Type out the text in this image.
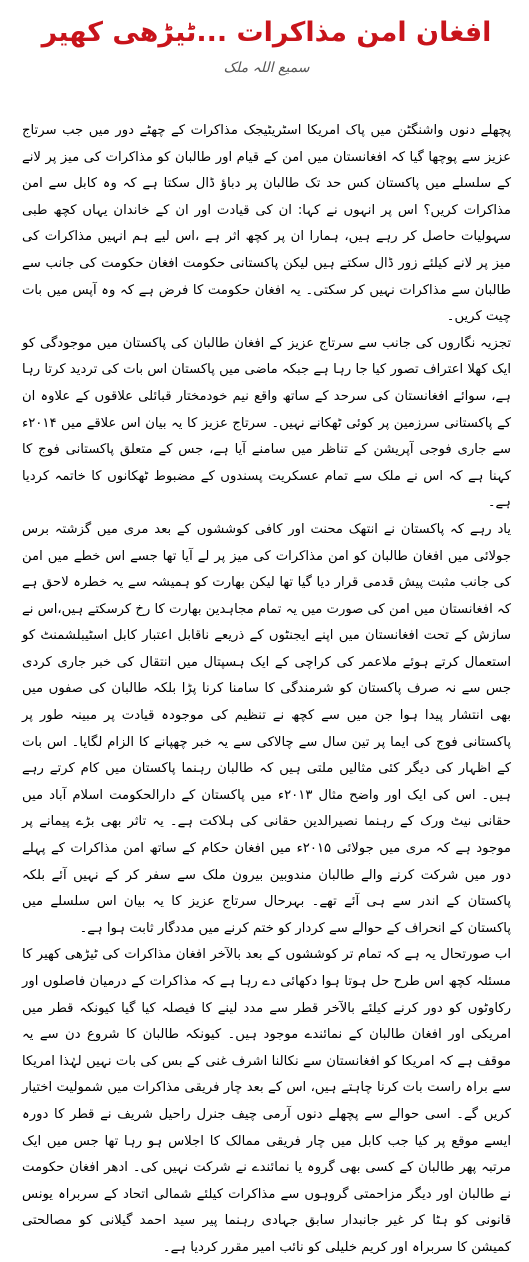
افغان امن مذاکرات ...ٹیڑھی کھیر
سمیع اللہ ملک

پچھلے دنوں واشنگٹن میں پاک امریکا اسٹریٹیجک مذاکرات کے چھٹے دور میں جب سرتاج عزیز سے پوچھا گیا کہ افغانستان میں امن کے قیام اور طالبان کو مذاکرات کی میز پر لانے کے سلسلے میں پاکستان کس حد تک طالبان پر دباؤ ڈال سکتا ہے کہ وہ کابل سے امن مذاکرات کریں؟ اس پر انہوں نے کہا: ان کی قیادت اور ان کے خاندان یہاں کچھ طبی سہولیات حاصل کر رہے ہیں، ہمارا ان پر کچھ اثر ہے ،اس لیے ہم انہیں مذاکرات کی میز پر لانے کیلئے زور ڈال سکتے ہیں لیکن پاکستانی حکومت افغان حکومت کی جانب سے طالبان سے مذاکرات نہیں کر سکتی۔ یہ افغان حکومت کا فرض ہے کہ وہ آپس میں بات چیت کریں۔

تجزیہ نگاروں کی جانب سے سرتاج عزیز کے افغان طالبان کی پاکستان میں موجودگی کو ایک کھلا اعتراف تصور کیا جا رہا ہے جبکہ ماضی میں پاکستان اس بات کی تردید کرتا رہا ہے، سوائے افغانستان کی سرحد کے ساتھ واقع نیم خودمختار قبائلی علاقوں کے علاوہ ان کے پاکستانی سرزمین پر کوئی ٹھکانے نہیں۔ سرتاج عزیز کا یہ بیان اس علاقے میں ۲۰۱۴ء سے جاری فوجی آپریشن کے تناظر میں سامنے آیا ہے، جس کے متعلق پاکستانی فوج کا کہنا ہے کہ اس نے ملک سے تمام عسکریت پسندوں کے مضبوط ٹھکانوں کا خاتمہ کردیا ہے۔

یاد رہے کہ پاکستان نے انتھک محنت اور کافی کوششوں کے بعد مری میں گزشتہ برس جولائی میں افغان طالبان کو امن مذاکرات کی میز پر لے آیا تھا جسے اس خطے میں امن کی جانب مثبت پیش قدمی قرار دیا گیا تھا لیکن بھارت کو ہمیشہ سے یہ خطرہ لاحق ہے کہ افغانستان میں امن کی صورت میں یہ تمام مجاہدین بھارت کا رخ کرسکتے ہیں،اس نے سازش کے تحت افغانستان میں اپنے ایجنٹوں کے ذریعے ناقابل اعتبار کابل اسٹیبلشمنٹ کو استعمال کرتے ہوئے ملاعمر کی کراچی کے ایک ہسپتال میں انتقال کی خبر جاری کردی جس سے نہ صرف پاکستان کو شرمندگی کا سامنا کرنا پڑا بلکہ طالبان کی صفوں میں بھی انتشار پیدا ہوا جن میں سے کچھ نے تنظیم کی موجودہ قیادت پر مبینہ طور پر پاکستانی فوج کی ایما پر تین سال سے چالاکی سے یہ خبر چھپانے کا الزام لگایا۔ اس بات کے اظہار کی دیگر کئی مثالیں ملتی ہیں کہ طالبان رہنما پاکستان میں کام کرتے رہے ہیں۔ اس کی ایک اور واضح مثال ۲۰۱۳ء میں پاکستان کے دارالحکومت اسلام آباد میں حقانی نیٹ ورک کے رہنما نصیرالدین حقانی کی ہلاکت ہے۔ یہ تاثر بھی بڑے پیمانے پر موجود ہے کہ مری میں جولائی ۲۰۱۵ء میں افغان حکام کے ساتھ امن مذاکرات کے پہلے دور میں شرکت کرنے والے طالبان مندوبین بیرون ملک سے سفر کر کے نہیں آئے بلکہ پاکستان کے اندر سے ہی آئے تھے۔ بہرحال سرتاج عزیز کا یہ بیان اس سلسلے میں پاکستان کے انحراف کے حوالے سے کردار کو ختم کرنے میں مددگار ثابت ہوا ہے۔

اب صورتحال یہ ہے کہ تمام تر کوششوں کے بعد بالآخر افغان مذاکرات کی ٹیڑھی کھیر کا مسئلہ کچھ اس طرح حل ہوتا ہوا دکھائی دے رہا ہے کہ مذاکرات کے درمیان فاصلوں اور رکاوٹوں کو دور کرنے کیلئے بالآخر قطر سے مدد لینے کا فیصلہ کیا گیا کیونکہ قطر میں امریکی اور افغان طالبان کے نمائندے موجود ہیں۔ کیونکہ طالبان کا شروع دن سے یہ موقف ہے کہ امریکا کو افغانستان سے نکالنا اشرف غنی کے بس کی بات نہیں لہٰذا امریکا سے براہ راست بات کرنا چاہتے ہیں، اس کے بعد چار فریقی مذاکرات میں شمولیت اختیار کریں گے۔ اسی حوالے سے پچھلے دنوں آرمی چیف جنرل راحیل شریف نے قطر کا دورہ ایسے موقع پر کیا جب کابل میں چار فریقی ممالک کا اجلاس ہو رہا تھا جس میں ایک مرتبہ پھر طالبان کے کسی بھی گروہ یا نمائندے نے شرکت نہیں کی۔ ادھر افغان حکومت نے طالبان اور دیگر مزاحمتی گروہوں سے مذاکرات کیلئے شمالی اتحاد کے سربراہ یونس قانونی کو ہٹا کر غیر جانبدار سابق جہادی رہنما پیر سید احمد گیلانی کو مصالحتی کمیشن کا سربراہ اور کریم خلیلی کو نائب امیر مقرر کردیا ہے۔
